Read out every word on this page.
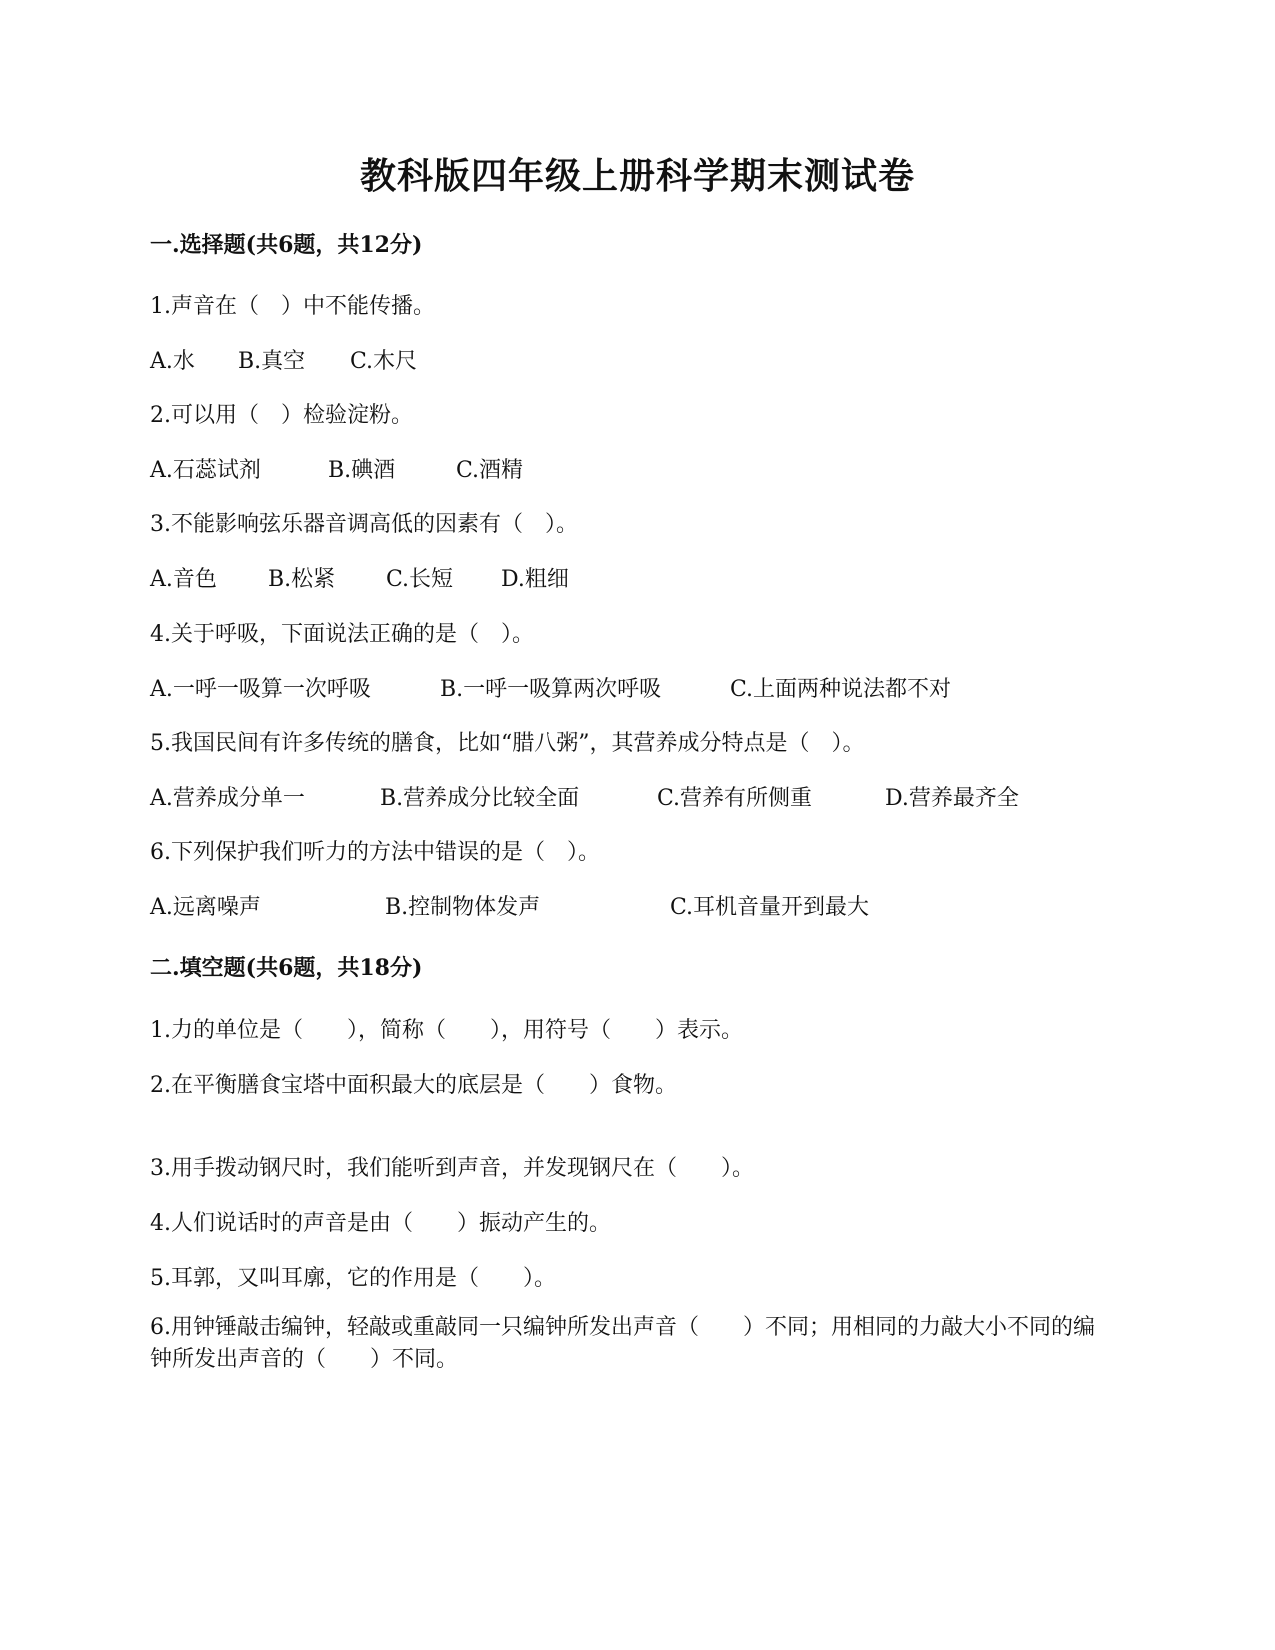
教科版四年级上册科学期末测试卷
一.选择题(共6题，共12分)
1.声音在（　）中不能传播。
A.水	B.真空	C.木尺
2.可以用（　）检验淀粉。
A.石蕊试剂	B.碘酒	C.酒精
3.不能影响弦乐器音调高低的因素有（　）。
A.音色	B.松紧	C.长短	D.粗细
4.关于呼吸，下面说法正确的是（　）。
A.一呼一吸算一次呼吸	B.一呼一吸算两次呼吸	C.上面两种说法都不对
5.我国民间有许多传统的膳食，比如“腊八粥”，其营养成分特点是（　）。
A.营养成分单一	B.营养成分比较全面	C.营养有所侧重	D.营养最齐全
6.下列保护我们听力的方法中错误的是（　）。
A.远离噪声	B.控制物体发声	C.耳机音量开到最大
二.填空题(共6题，共18分)
1.力的单位是（　　），简称（　　），用符号（　　）表示。
2.在平衡膳食宝塔中面积最大的底层是（　　）食物。
3.用手拨动钢尺时，我们能听到声音，并发现钢尺在（　　）。
4.人们说话时的声音是由（　　）振动产生的。
5.耳郭，又叫耳廓，它的作用是（　　）。
6.用钟锤敲击编钟，轻敲或重敲同一只编钟所发出声音（　　）不同；用相同的力敲大小不同的编钟所发出声音的（　　）不同。
